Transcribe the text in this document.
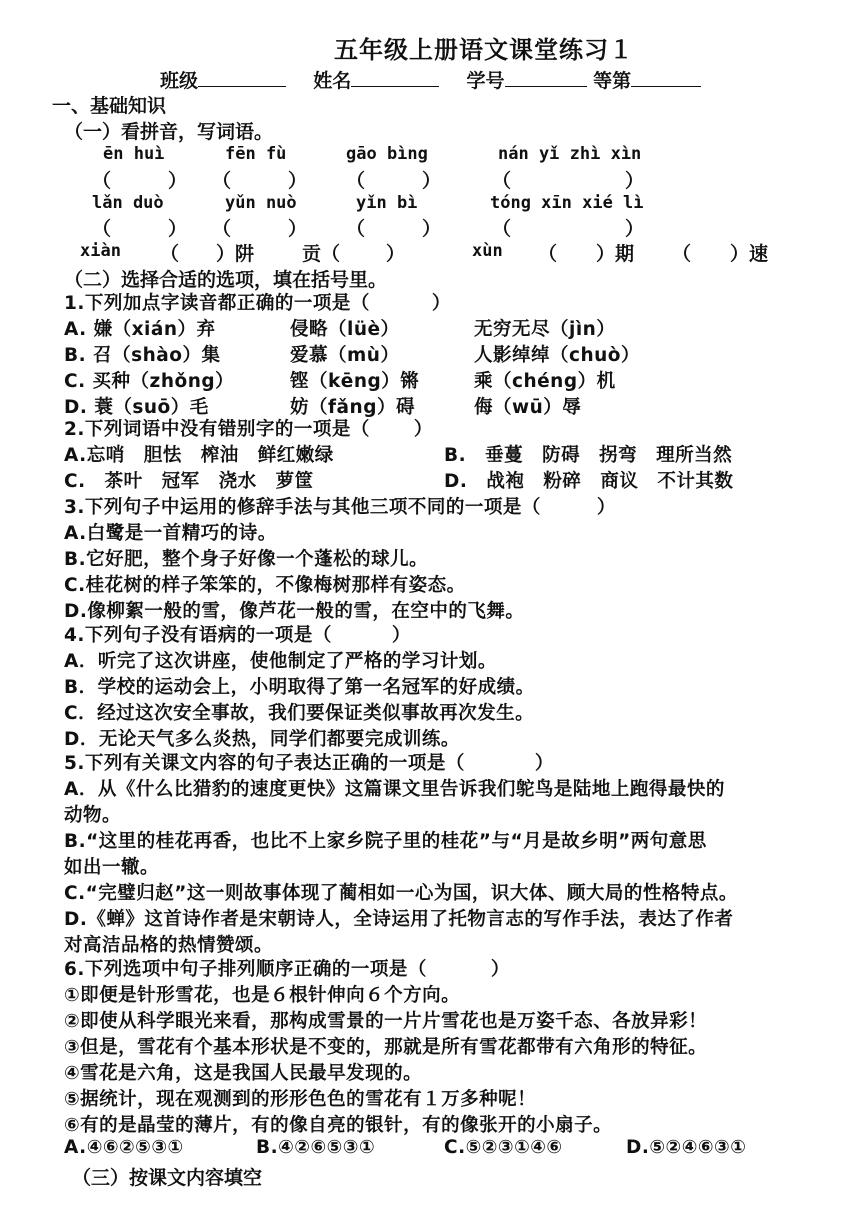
五年级上册语文课堂练习１
班级	姓名	学号	等第
一、基础知识
（一）看拼音，写词语。
ēn huì	fēn fù	gāo bìng	nán yǐ zhì xìn
（　　　） （　　　） （　　　）	（　　　　　　）
lǎn duò	yǔn nuò	yǐn bì	tóng xīn xié lì
（　　　） （　　　） （　　　）	（　　　　　　）
xiàn （ ）阱	贡（ ）	xùn （ ）期 （ ）速
（二）选择合适的选项，填在括号里。
1.下列加点字读音都正确的一项是（	）
A. 嫌（xián）弃	侵略（lüè）	无穷无尽（jìn）
B. 召（shào）集	爱慕（mù）	人影绰绰（chuò）
C. 买种（zhǒng）	铿（kēng）锵	乘（chéng）机
D. 蓑（suō）毛	妨（fǎng）碍	侮（wū）辱
2.下列词语中没有错别字的一项是（ ）
A.忘哨　胆怯　榨油　鲜红嫩绿	B.　垂蔓　防碍　拐弯　理所当然
C.　茶叶　冠军　浇水　萝筐	D.　战袍　粉碎　商议　不计其数
3.下列句子中运用的修辞手法与其他三项不同的一项是（	）
A.白鹭是一首精巧的诗。
B.它好肥，整个身子好像一个蓬松的球儿。
C.桂花树的样子笨笨的，不像梅树那样有姿态。
D.像柳絮一般的雪，像芦花一般的雪，在空中的飞舞。
4.下列句子没有语病的一项是（	）
A．听完了这次讲座，使他制定了严格的学习计划。
B．学校的运动会上，小明取得了第一名冠军的好成绩。
C．经过这次安全事故，我们要保证类似事故再次发生。
D．无论天气多么炎热，同学们都要完成训练。
5.下列有关课文内容的句子表达正确的一项是（	）
A．从《什么比猎豹的速度更快》这篇课文里告诉我们鸵鸟是陆地上跑得最快的
动物。
B.“这里的桂花再香，也比不上家乡院子里的桂花”与“月是故乡明”两句意思
如出一辙。
C.“完璧归赵”这一则故事体现了蔺相如一心为国，识大体、顾大局的性格特点。
D.《蝉》这首诗作者是宋朝诗人，全诗运用了托物言志的写作手法，表达了作者
对高洁品格的热情赞颂。
6.下列选项中句子排列顺序正确的一项是（	）
①即便是针形雪花，也是６根针伸向６个方向。
②即使从科学眼光来看，那构成雪景的一片片雪花也是万姿千态、各放异彩！
③但是，雪花有个基本形状是不变的，那就是所有雪花都带有六角形的特征。
④雪花是六角，这是我国人民最早发现的。
⑤据统计，现在观测到的形形色色的雪花有１万多种呢！
⑥有的是晶莹的薄片，有的像自亮的银针，有的像张开的小扇子。
A.④⑥②⑤③①	B.④②⑥⑤③①	C.⑤②③①④⑥	D.⑤②④⑥③①
（三）按课文内容填空
